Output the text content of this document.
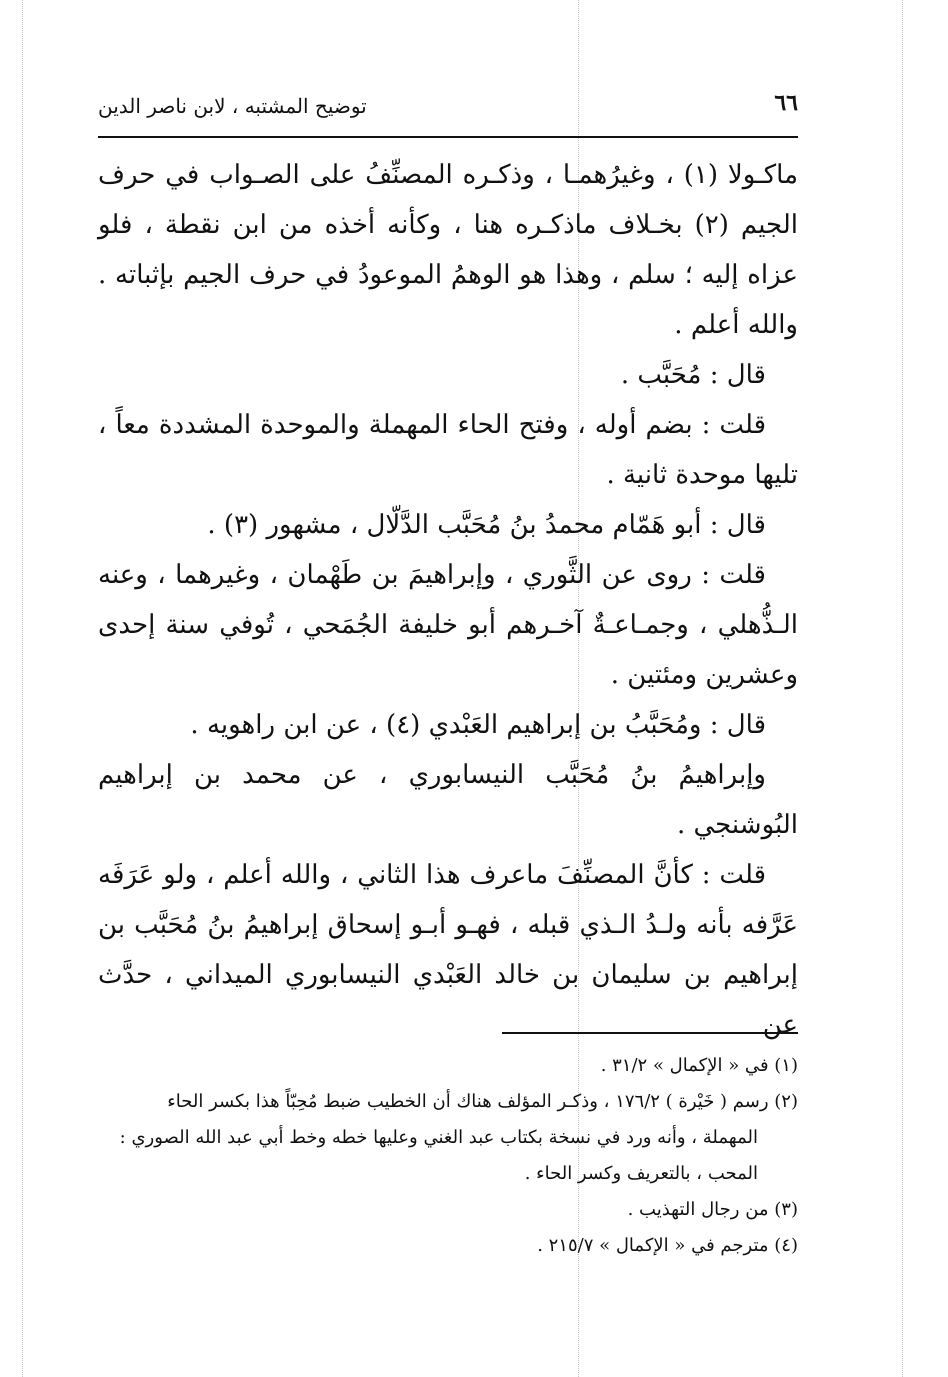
٦٦
توضيح المشتبه ، لابن ناصر الدين

ماكـولا (١) ، وغيرُهمـا ، وذكـره المصنِّفُ على الصـواب في حرف الجيم (٢) بخـلاف ماذكـره هنا ، وكأنه أخذه من ابن نقطة ، فلو عزاه إليه ؛ سلم ، وهذا هو الوهمُ الموعودُ في حرف الجيم بإثباته . والله أعلم .

قال : مُحَبَّب .

قلت : بضم أوله ، وفتح الحاء المهملة والموحدة المشددة معاً ، تليها موحدة ثانية .

قال : أبو هَمّام محمدُ بنُ مُحَبَّب الدَّلّال ، مشهور (٣) .

قلت : روى عن الثَّوري ، وإبراهيمَ بن طَهْمان ، وغيرهما ، وعنه الـذُّهلي ، وجمـاعـةٌ آخـرهم أبو خليفة الجُمَحي ، تُوفي سنة إحدى وعشرين ومئتين .

قال : ومُحَبَّبُ بن إبراهيم العَبْدي (٤) ، عن ابن راهويه .

وإبراهيمُ بنُ مُحَبَّب النيسابوري ، عن محمد بن إبراهيم البُوشنجي .

قلت : كأنَّ المصنِّفَ ماعرف هذا الثاني ، والله أعلم ، ولو عَرَفَه عَرَّفه بأنه ولـدُ الـذي قبله ، فهـو أبـو إسحاق إبراهيمُ بنُ مُحَبَّب بن إبراهيم بن سليمان بن خالد العَبْدي النيسابوري الميداني ، حدَّث عن

(١) في « الإكمال » ٣١/٢ .

(٢) رسم ( خَيْرة ) ١٧٦/٢ ، وذكـر المؤلف هناك أن الخطيب ضبط مُحِبّاً هذا بكسر الحاء

المهملة ، وأنه ورد في نسخة بكتاب عبد الغني وعليها خطه وخط أبي عبد الله الصوري :

المحب ، بالتعريف وكسر الحاء .

(٣) من رجال التهذيب .

(٤) مترجم في « الإكمال » ٢١٥/٧ .
